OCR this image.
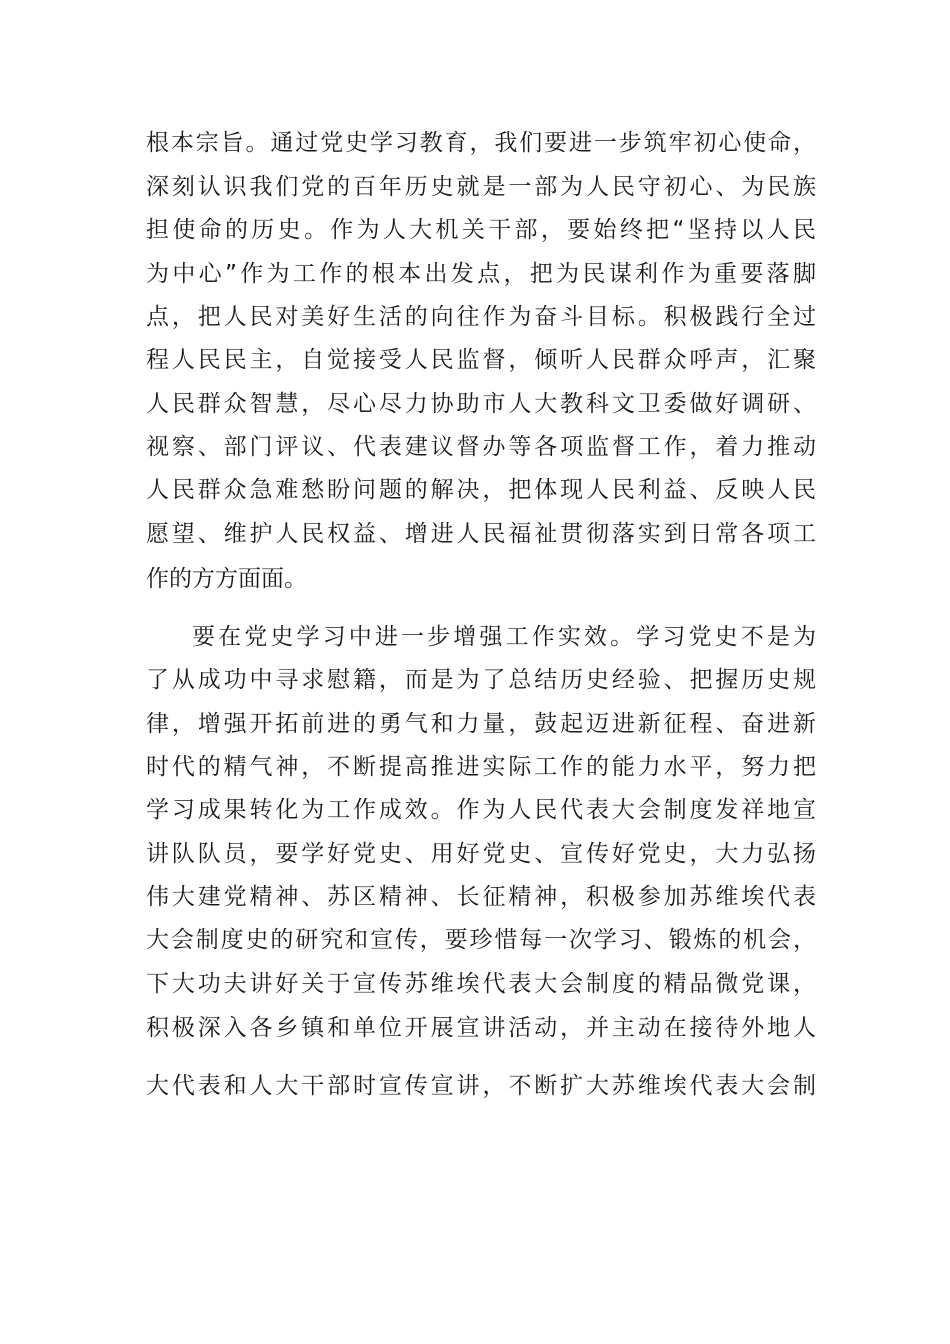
根本宗旨。通过党史学习教育，我们要进一步筑牢初心使命，

深刻认识我们党的百年历史就是一部为人民守初心、为民族

担使命的历史。作为人大机关干部，要始终把“坚持以人民

为中心”作为工作的根本出发点，把为民谋利作为重要落脚

点，把人民对美好生活的向往作为奋斗目标。积极践行全过

程人民民主，自觉接受人民监督，倾听人民群众呼声，汇聚

人民群众智慧，尽心尽力协助市人大教科文卫委做好调研、

视察、部门评议、代表建议督办等各项监督工作，着力推动

人民群众急难愁盼问题的解决，把体现人民利益、反映人民

愿望、维护人民权益、增进人民福祉贯彻落实到日常各项工

作的方方面面。

要在党史学习中进一步增强工作实效。学习党史不是为

了从成功中寻求慰籍，而是为了总结历史经验、把握历史规

律，增强开拓前进的勇气和力量，鼓起迈进新征程、奋进新

时代的精气神，不断提高推进实际工作的能力水平，努力把

学习成果转化为工作成效。作为人民代表大会制度发祥地宣

讲队队员，要学好党史、用好党史、宣传好党史，大力弘扬

伟大建党精神、苏区精神、长征精神，积极参加苏维埃代表

大会制度史的研究和宣传，要珍惜每一次学习、锻炼的机会，

下大功夫讲好关于宣传苏维埃代表大会制度的精品微党课，

积极深入各乡镇和单位开展宣讲活动，并主动在接待外地人

大代表和人大干部时宣传宣讲，不断扩大苏维埃代表大会制
